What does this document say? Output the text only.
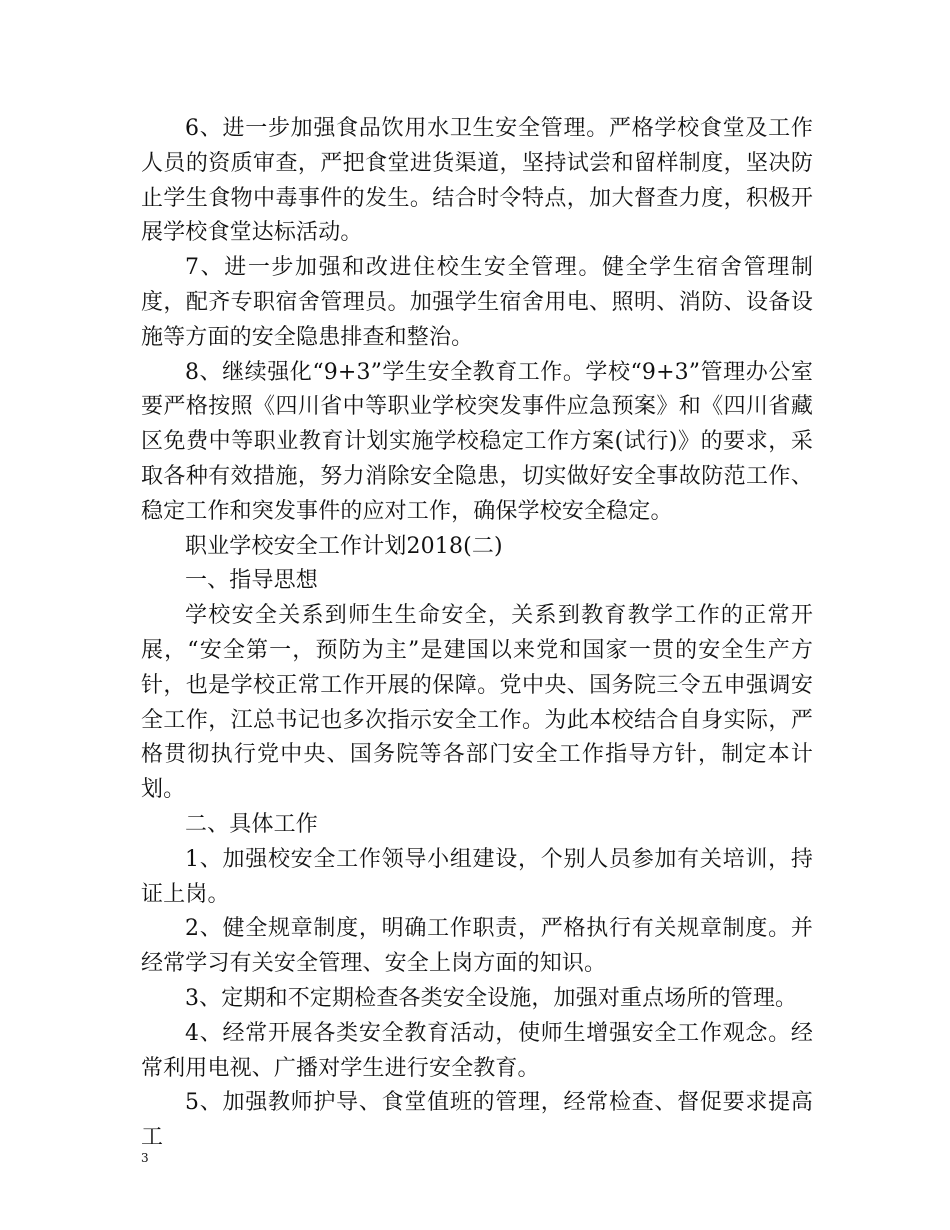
6、进一步加强食品饮用水卫生安全管理。严格学校食堂及工作人员的资质审查，严把食堂进货渠道，坚持试尝和留样制度，坚决防止学生食物中毒事件的发生。结合时令特点，加大督查力度，积极开展学校食堂达标活动。

7、进一步加强和改进住校生安全管理。健全学生宿舍管理制度，配齐专职宿舍管理员。加强学生宿舍用电、照明、消防、设备设施等方面的安全隐患排查和整治。

8、继续强化“9+3”学生安全教育工作。学校“9+3”管理办公室要严格按照《四川省中等职业学校突发事件应急预案》和《四川省藏区免费中等职业教育计划实施学校稳定工作方案(试行)》的要求，采取各种有效措施，努力消除安全隐患，切实做好安全事故防范工作、稳定工作和突发事件的应对工作，确保学校安全稳定。

职业学校安全工作计划2018(二)

一、指导思想

学校安全关系到师生生命安全，关系到教育教学工作的正常开展，“安全第一，预防为主”是建国以来党和国家一贯的安全生产方针，也是学校正常工作开展的保障。党中央、国务院三令五申强调安全工作，江总书记也多次指示安全工作。为此本校结合自身实际，严格贯彻执行党中央、国务院等各部门安全工作指导方针，制定本计划。

二、具体工作

1、加强校安全工作领导小组建设，个别人员参加有关培训，持证上岗。

2、健全规章制度，明确工作职责，严格执行有关规章制度。并经常学习有关安全管理、安全上岗方面的知识。

3、定期和不定期检查各类安全设施，加强对重点场所的管理。

4、经常开展各类安全教育活动，使师生增强安全工作观念。经常利用电视、广播对学生进行安全教育。

5、加强教师护导、食堂值班的管理，经常检查、督促要求提高工

3
